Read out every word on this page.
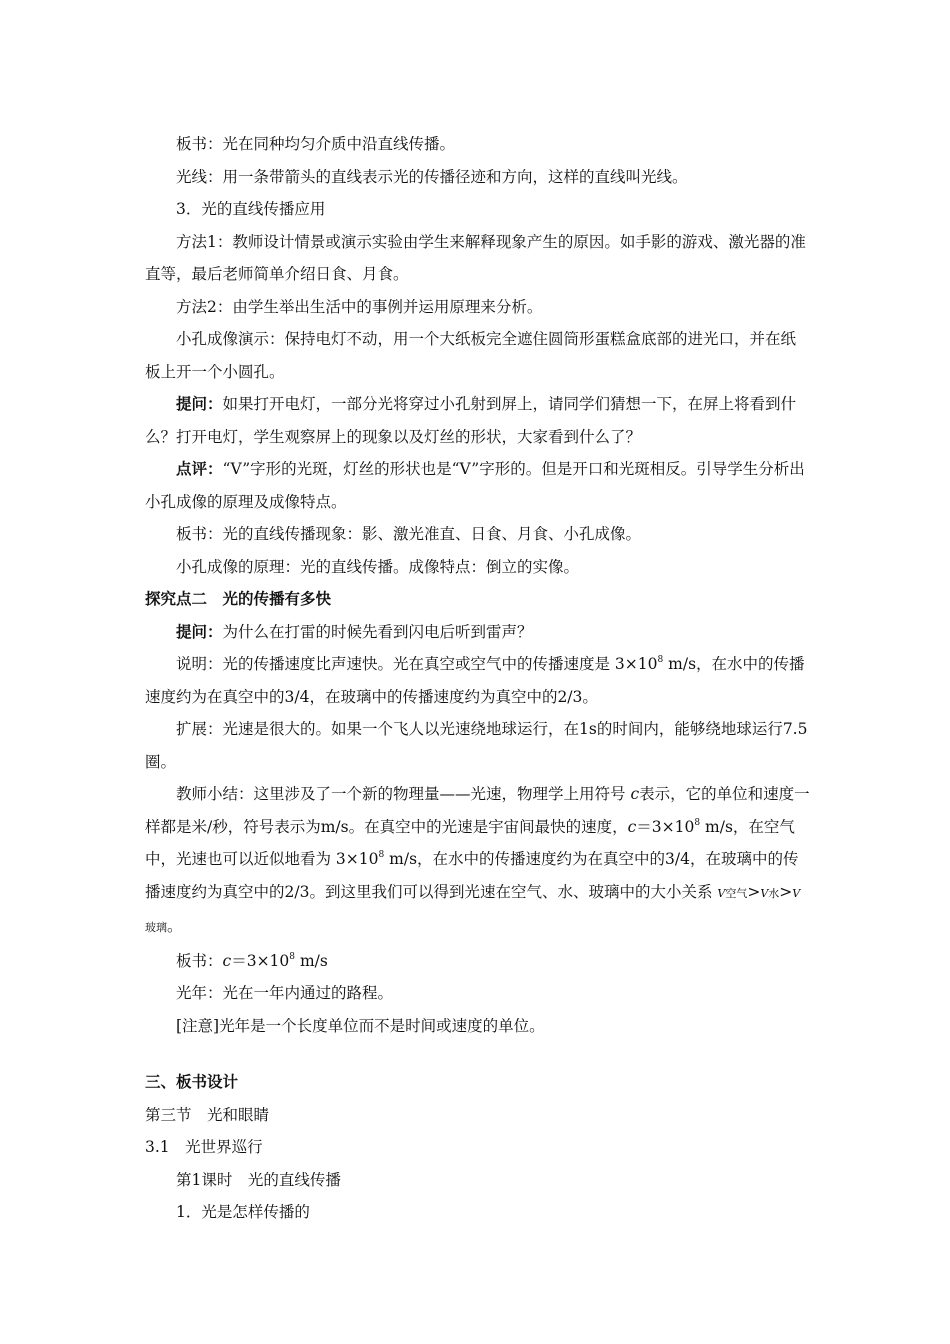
板书：光在同种均匀介质中沿直线传播。

光线：用一条带箭头的直线表示光的传播径迹和方向，这样的直线叫光线。

3．光的直线传播应用

方法1：教师设计情景或演示实验由学生来解释现象产生的原因。如手影的游戏、激光器的准直等，最后老师简单介绍日食、月食。

方法2：由学生举出生活中的事例并运用原理来分析。

小孔成像演示：保持电灯不动，用一个大纸板完全遮住圆筒形蛋糕盒底部的进光口，并在纸板上开一个小圆孔。

提问：如果打开电灯，一部分光将穿过小孔射到屏上，请同学们猜想一下，在屏上将看到什么？打开电灯，学生观察屏上的现象以及灯丝的形状，大家看到什么了？

点评：“V”字形的光斑，灯丝的形状也是“V”字形的。但是开口和光斑相反。引导学生分析出小孔成像的原理及成像特点。

板书：光的直线传播现象：影、激光准直、日食、月食、小孔成像。

小孔成像的原理：光的直线传播。成像特点：倒立的实像。

探究点二　光的传播有多快

提问：为什么在打雷的时候先看到闪电后听到雷声？

说明：光的传播速度比声速快。光在真空或空气中的传播速度是 $3\times 10^8$ m/s，在水中的传播速度约为在真空中的3/4，在玻璃中的传播速度约为真空中的2/3。

扩展：光速是很大的。如果一个飞人以光速绕地球运行，在1s的时间内，能够绕地球运行7.5圈。

教师小结：这里涉及了一个新的物理量——光速，物理学上用符号 c表示，它的单位和速度一样都是米/秒，符号表示为m/s。在真空中的光速是宇宙间最快的速度，$c=3\times 10^8$ m/s，在空气中，光速也可以近似地看为 $3\times 10^8$ m/s，在水中的传播速度约为在真空中的3/4，在玻璃中的传播速度约为真空中的2/3。到这里我们可以得到光速在空气、水、玻璃中的大小关系 V空气>V水>V玻璃。

板书：$c=3\times 10^8$ m/s

光年：光在一年内通过的路程。

[注意]光年是一个长度单位而不是时间或速度的单位。

三、板书设计

第三节　光和眼睛

3.1　光世界巡行

第1课时　光的直线传播

1．光是怎样传播的
